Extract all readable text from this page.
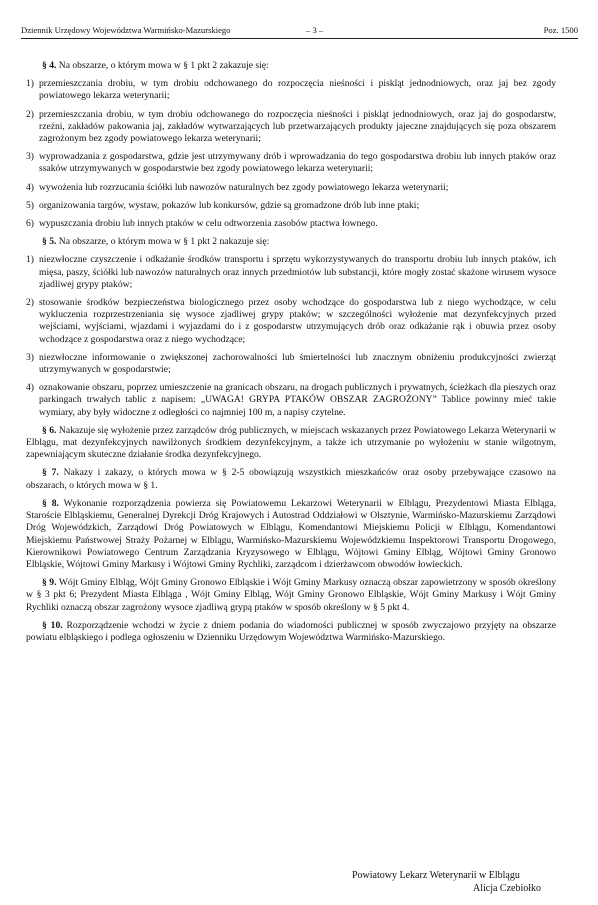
Dziennik Urzędowy Województwa Warmińsko-Mazurskiego	– 3 –	Poz. 1500
§ 4. Na obszarze, o którym mowa w § 1 pkt 2 zakazuje się:
1) przemieszczania drobiu, w tym drobiu odchowanego do rozpoczęcia nieśności i piskląt jednodniowych, oraz jaj bez zgody powiatowego lekarza weterynarii;
2) przemieszczania drobiu, w tym drobiu odchowanego do rozpoczęcia nieśności i piskląt jednodniowych, oraz jaj do gospodarstw, rzeźni, zakładów pakowania jaj, zakładów wytwarzających lub przetwarzających produkty jajeczne znajdujących się poza obszarem zagrożonym bez zgody powiatowego lekarza weterynarii;
3) wyprowadzania z gospodarstwa, gdzie jest utrzymywany drób i wprowadzania do tego gospodarstwa drobiu lub innych ptaków oraz ssaków utrzymywanych w gospodarstwie bez zgody powiatowego lekarza weterynarii;
4) wywożenia lub rozrzucania ściółki lub nawozów naturalnych bez zgody powiatowego lekarza weterynarii;
5) organizowania targów, wystaw, pokazów lub konkursów, gdzie są gromadzone drób lub inne ptaki;
6) wypuszczania drobiu lub innych ptaków w celu odtworzenia zasobów ptactwa łownego.
§ 5. Na obszarze, o którym mowa w § 1 pkt 2 nakazuje się:
1) niezwłoczne czyszczenie i odkażanie środków transportu i sprzętu wykorzystywanych do transportu drobiu lub innych ptaków, ich mięsa, paszy, ściółki lub nawozów naturalnych oraz innych przedmiotów lub substancji, które mogły zostać skażone wirusem wysoce zjadliwej grypy ptaków;
2) stosowanie środków bezpieczeństwa biologicznego przez osoby wchodzące do gospodarstwa lub z niego wychodzące, w celu wykluczenia rozprzestrzeniania się wysoce zjadliwej grypy ptaków; w szczególności wyłożenie mat dezynfekcyjnych przed wejściami, wyjściami, wjazdami i wyjazdami do i z gospodarstw utrzymujących drób oraz odkażanie rąk i obuwia przez osoby wchodzące z gospodarstwa oraz z niego wychodzące;
3) niezwłoczne informowanie o zwiększonej zachorowalności lub śmiertelności lub znacznym obniżeniu produkcyjności zwierząt utrzymywanych w gospodarstwie;
4) oznakowanie obszaru, poprzez umieszczenie na granicach obszaru, na drogach publicznych i prywatnych, ścieżkach dla pieszych oraz parkingach trwałych tablic z napisem: „UWAGA! GRYPA PTAKÓW OBSZAR ZAGROŻONY” Tablice powinny mieć takie wymiary, aby były widoczne z odległości co najmniej 100 m, a napisy czytelne.

§ 6. Nakazuje się wyłożenie przez zarządców dróg publicznych, w miejscach wskazanych przez Powiatowego Lekarza Weterynarii w Elblągu, mat dezynfekcyjnych nawilżonych środkiem dezynfekcyjnym, a także ich utrzymanie po wyłożeniu w stanie wilgotnym, zapewniającym skuteczne działanie środka dezynfekcyjnego.

§ 7. Nakazy i zakazy, o których mowa w § 2-5 obowiązują wszystkich mieszkańców oraz osoby przebywające czasowo na obszarach, o których mowa w § 1.

§ 8. Wykonanie rozporządzenia powierza się Powiatowemu Lekarzowi Weterynarii w Elblągu, Prezydentowi Miasta Elbląga, Staroście Elbląskiemu, Generalnej Dyrekcji Dróg Krajowych i Autostrad Oddziałowi w Olsztynie, Warmińsko-Mazurskiemu Zarządowi Dróg Wojewódzkich, Zarządowi Dróg Powiatowych w Elblągu, Komendantowi Miejskiemu Policji w Elblągu, Komendantowi Miejskiemu Państwowej Straży Pożarnej w Elblągu, Warmińsko-Mazurskiemu Wojewódzkiemu Inspektorowi Transportu Drogowego, Kierownikowi Powiatowego Centrum Zarządzania Kryzysowego w Elblągu, Wójtowi Gminy Elbląg, Wójtowi Gminy Gronowo Elbląskie, Wójtowi Gminy Markusy i Wójtowi Gminy Rychliki, zarządcom i dzierżawcom obwodów łowieckich.

§ 9. Wójt Gminy Elbląg, Wójt Gminy Gronowo Elbląskie i Wójt Gminy Markusy oznaczą obszar zapowietrzony w sposób określony w § 3 pkt 6; Prezydent Miasta Elbląga , Wójt Gminy Elbląg, Wójt Gminy Gronowo Elbląskie, Wójt Gminy Markusy i Wójt Gminy Rychliki oznaczą obszar zagrożony wysoce zjadliwą grypą ptaków w sposób określony w § 5 pkt 4.

§ 10. Rozporządzenie wchodzi w życie z dniem podania do wiadomości publicznej w sposób zwyczajowo przyjęty na obszarze powiatu elbląskiego i podlega ogłoszeniu w Dzienniku Urzędowym Województwa Warmińsko-Mazurskiego.

Powiatowy Lekarz Weterynarii w Elblągu
Alicja Czebiołko
